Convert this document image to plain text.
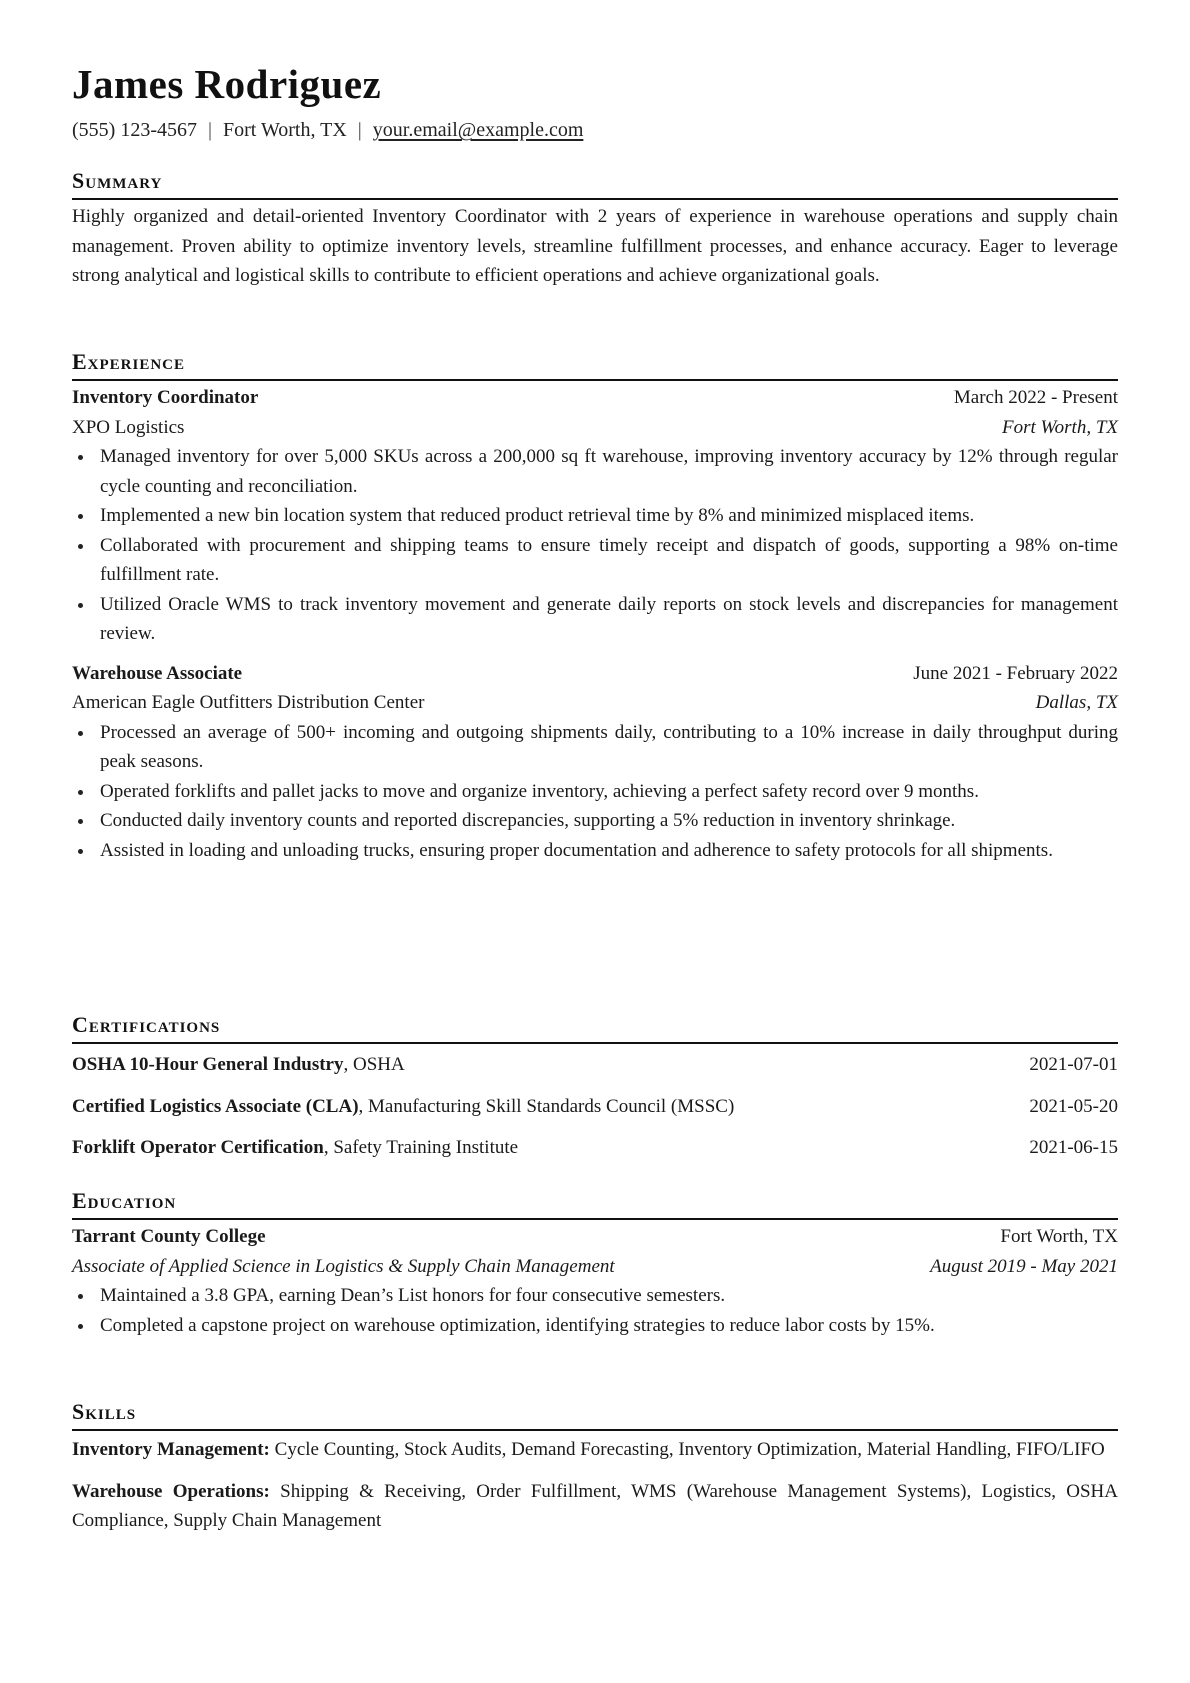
James Rodriguez
(555) 123-4567 | Fort Worth, TX | your.email@example.com
Summary

Highly organized and detail-oriented Inventory Coordinator with 2 years of experience in warehouse operations and supply chain management. Proven ability to optimize inventory levels, streamline fulfillment processes, and enhance accuracy. Eager to leverage strong analytical and logistical skills to contribute to efficient operations and achieve organizational goals.

Experience
Inventory Coordinator	March 2022 - Present
XPO Logistics	Fort Worth, TX
Managed inventory for over 5,000 SKUs across a 200,000 sq ft warehouse, improving inventory accuracy by 12% through regular cycle counting and reconciliation.
Implemented a new bin location system that reduced product retrieval time by 8% and minimized misplaced items.
Collaborated with procurement and shipping teams to ensure timely receipt and dispatch of goods, supporting a 98% on-time fulfillment rate.
Utilized Oracle WMS to track inventory movement and generate daily reports on stock levels and discrepancies for management review.
Warehouse Associate	June 2021 - February 2022
American Eagle Outfitters Distribution Center	Dallas, TX
Processed an average of 500+ incoming and outgoing shipments daily, contributing to a 10% increase in daily throughput during peak seasons.
Operated forklifts and pallet jacks to move and organize inventory, achieving a perfect safety record over 9 months.
Conducted daily inventory counts and reported discrepancies, supporting a 5% reduction in inventory shrinkage.
Assisted in loading and unloading trucks, ensuring proper documentation and adherence to safety protocols for all shipments.
Certifications
OSHA 10-Hour General Industry, OSHA	2021-07-01
Certified Logistics Associate (CLA), Manufacturing Skill Standards Council (MSSC)	2021-05-20
Forklift Operator Certification, Safety Training Institute	2021-06-15
Education
Tarrant County College	Fort Worth, TX
Associate of Applied Science in Logistics & Supply Chain Management	August 2019 - May 2021
Maintained a 3.8 GPA, earning Dean’s List honors for four consecutive semesters.
Completed a capstone project on warehouse optimization, identifying strategies to reduce labor costs by 15%.
Skills

Inventory Management: Cycle Counting, Stock Audits, Demand Forecasting, Inventory Optimization, Material Handling, FIFO/LIFO

Warehouse Operations: Shipping & Receiving, Order Fulfillment, WMS (Warehouse Management Systems), Logistics, OSHA Compliance, Supply Chain Management
